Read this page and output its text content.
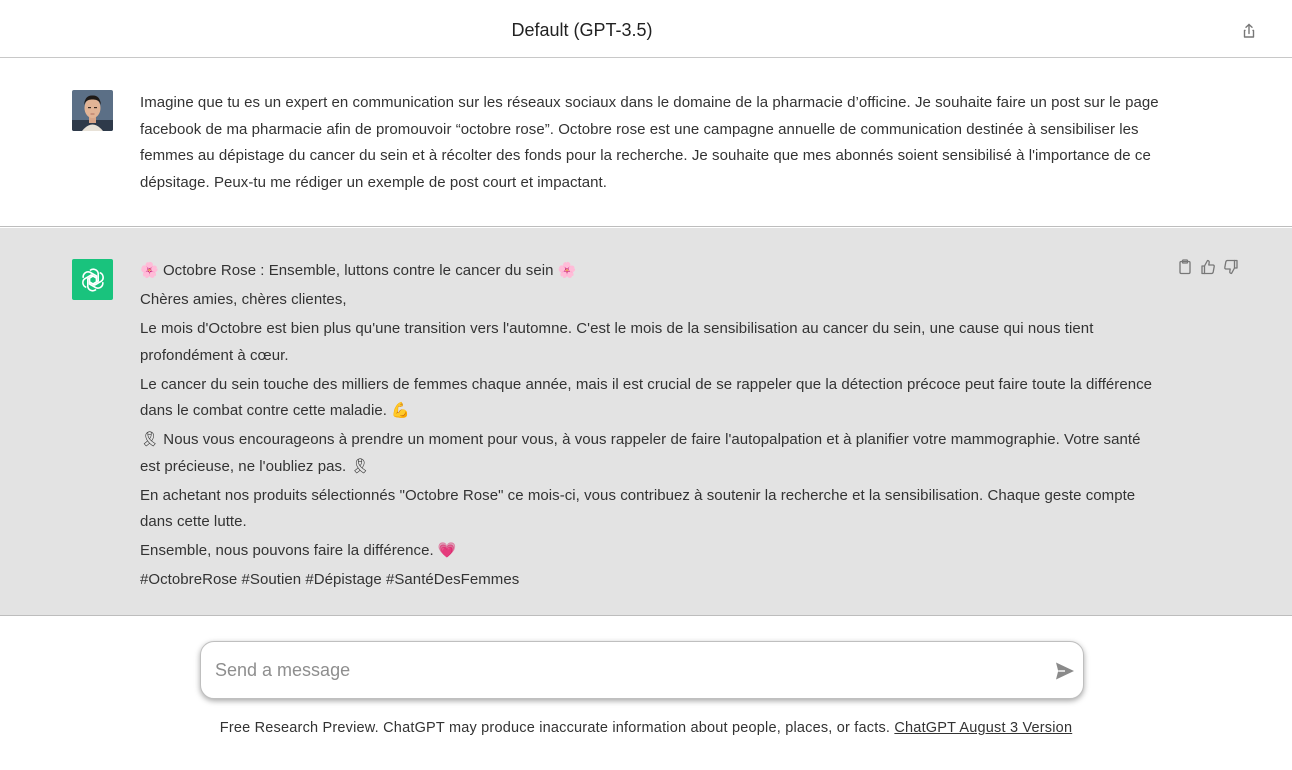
Default (GPT-3.5)
Imagine que tu es un expert en communication sur les réseaux sociaux dans le domaine de la pharmacie d’officine. Je souhaite faire un post sur le page facebook de ma pharmacie afin de promouvoir “octobre rose”. Octobre rose est une campagne annuelle de communication destinée à sensibiliser les femmes au dépistage du cancer du sein et à récolter des fonds pour la recherche. Je souhaite que mes abonnés soient sensibilisé à l'importance de ce dépsitage. Peux-tu me rédiger un exemple de post court et impactant.

🌸 Octobre Rose : Ensemble, luttons contre le cancer du sein 🌸

Chères amies, chères clientes,

Le mois d'Octobre est bien plus qu'une transition vers l'automne. C'est le mois de la sensibilisation au cancer du sein, une cause qui nous tient profondément à cœur.

Le cancer du sein touche des milliers de femmes chaque année, mais il est crucial de se rappeler que la détection précoce peut faire toute la différence dans le combat contre cette maladie. 💪

🎗 Nous vous encourageons à prendre un moment pour vous, à vous rappeler de faire l'autopalpation et à planifier votre mammographie. Votre santé est précieuse, ne l'oubliez pas. 🎗

En achetant nos produits sélectionnés "Octobre Rose" ce mois-ci, vous contribuez à soutenir la recherche et la sensibilisation. Chaque geste compte dans cette lutte.

Ensemble, nous pouvons faire la différence. 💗

#OctobreRose #Soutien #Dépistage #SantéDesFemmes

Send a message
Free Research Preview. ChatGPT may produce inaccurate information about people, places, or facts. ChatGPT August 3 Version
